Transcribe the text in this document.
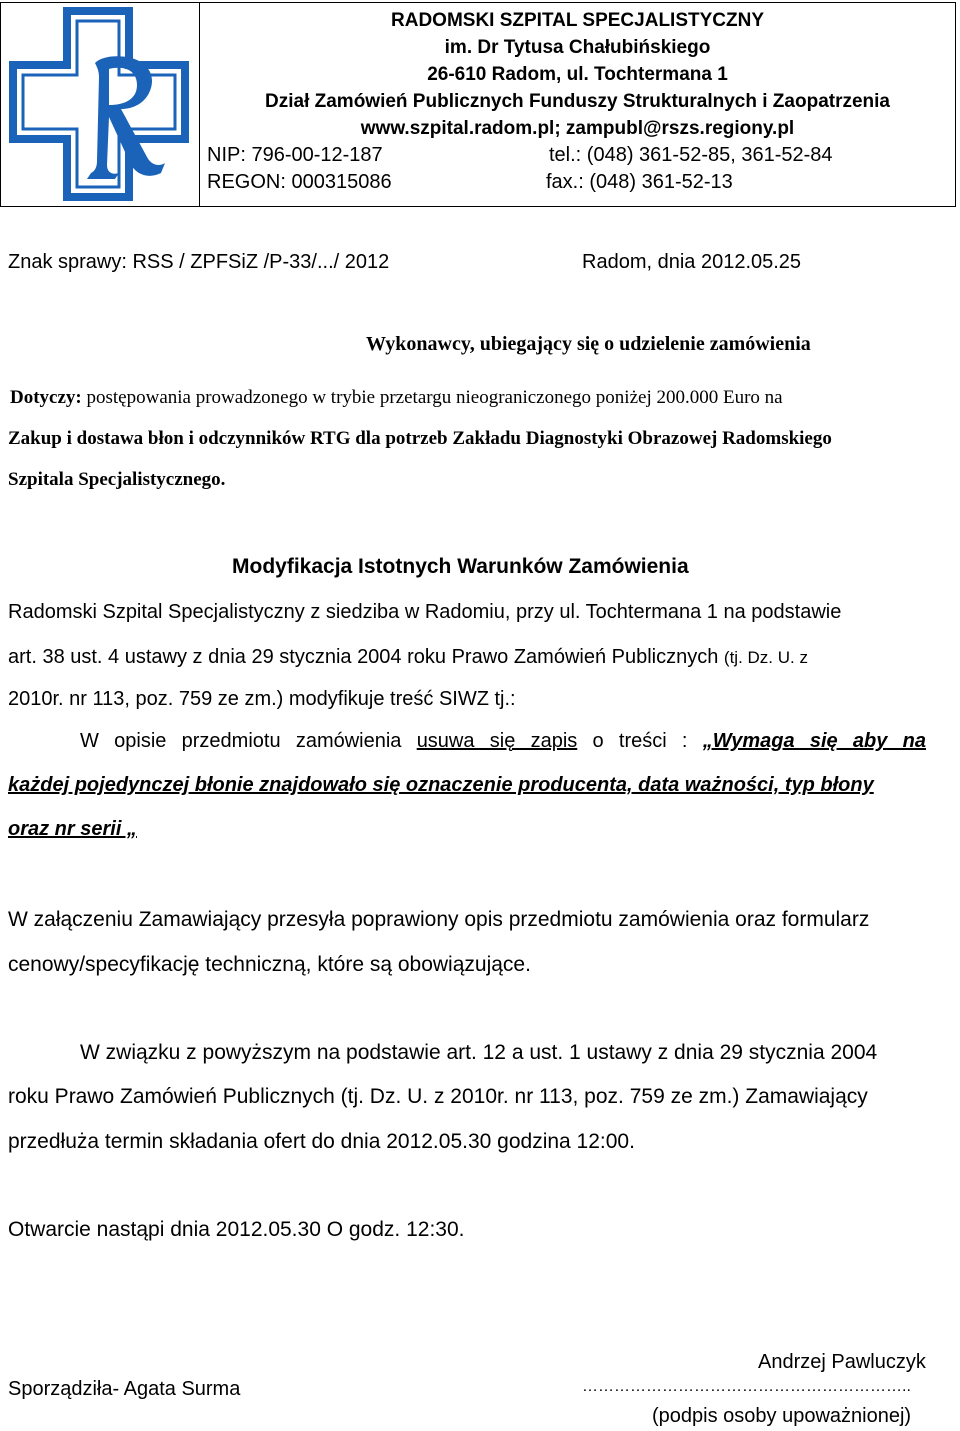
RADOMSKI SZPITAL SPECJALISTYCZNY
im. Dr Tytusa Chałubińskiego
26-610 Radom, ul. Tochtermana 1
Dział Zamówień Publicznych Funduszy Strukturalnych i Zaopatrzenia
www.szpital.radom.pl; zampubl@rszs.regiony.pl
NIP: 796-00-12-187	tel.: (048) 361-52-85, 361-52-84
REGON: 000315086	fax.: (048) 361-52-13
Znak sprawy: RSS / ZPFSiZ /P-33/.../ 2012	Radom, dnia 2012.05.25
Wykonawcy, ubiegający się o udzielenie zamówienia
Dotyczy: postępowania prowadzonego w trybie przetargu nieograniczonego poniżej 200.000 Euro na
Zakup i dostawa błon i odczynników RTG dla potrzeb Zakładu Diagnostyki Obrazowej Radomskiego
Szpitala Specjalistycznego.
Modyfikacja Istotnych Warunków Zamówienia
Radomski Szpital Specjalistyczny z siedziba w Radomiu, przy ul. Tochtermana 1 na podstawie
art. 38 ust. 4 ustawy z dnia 29 stycznia 2004 roku Prawo Zamówień Publicznych (tj. Dz. U. z
2010r. nr 113, poz. 759 ze zm.) modyfikuje treść SIWZ tj.:
W opisie przedmiotu zamówienia usuwa się zapis o treści : „Wymaga się aby na
każdej pojedynczej błonie znajdowało się oznaczenie producenta, data ważności, typ błony
oraz nr serii „
W załączeniu Zamawiający przesyła poprawiony opis przedmiotu zamówienia oraz formularz
cenowy/specyfikację techniczną, które są obowiązujące.
W związku z powyższym na podstawie art. 12 a ust. 1 ustawy z dnia 29 stycznia 2004
roku Prawo Zamówień Publicznych (tj. Dz. U. z 2010r. nr 113, poz. 759 ze zm.) Zamawiający
przedłuża termin składania ofert do dnia 2012.05.30 godzina 12:00.
Otwarcie nastąpi dnia 2012.05.30 O godz. 12:30.
Andrzej Pawluczyk
Sporządziła- Agata Surma	……………………………………………………..
(podpis osoby upoważnionej)
